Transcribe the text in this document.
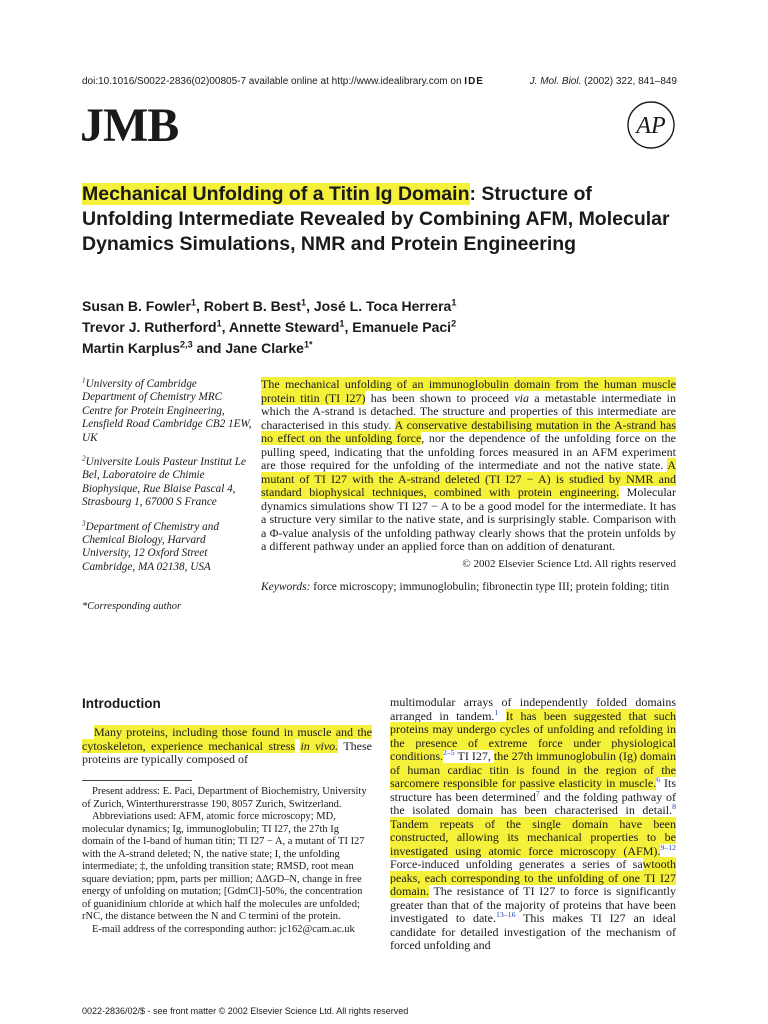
doi:10.1016/S0022-2836(02)00805-7 available online at http://www.idealibrary.com on IDE	J. Mol. Biol. (2002) 322, 841–849
JMB	AP
Mechanical Unfolding of a Titin Ig Domain: Structure of Unfolding Intermediate Revealed by Combining AFM, Molecular Dynamics Simulations, NMR and Protein Engineering
Susan B. Fowler$^1$, Robert B. Best$^1$, José L. Toca Herrera$^1$
Trevor J. Rutherford$^1$, Annette Steward$^1$, Emanuele Paci$^2$
Martin Karplus$^{2,3}$ and Jane Clarke$^{1*}$

$^1$University of Cambridge Department of Chemistry MRC Centre for Protein Engineering, Lensfield Road Cambridge CB2 1EW, UK

$^2$Universite Louis Pasteur Institut Le Bel, Laboratoire de Chimie Biophysique, Rue Blaise Pascal 4, Strasbourg 1, 67000 S France

$^3$Department of Chemistry and Chemical Biology, Harvard University, 12 Oxford Street Cambridge, MA 02138, USA

*Corresponding author

The mechanical unfolding of an immunoglobulin domain from the human muscle protein titin (TI I27) has been shown to proceed via a metastable intermediate in which the A-strand is detached. The structure and properties of this intermediate are characterised in this study. A conservative destabilising mutation in the A-strand has no effect on the unfolding force, nor the dependence of the unfolding force on the pulling speed, indicating that the unfolding forces measured in an AFM experiment are those required for the unfolding of the intermediate and not the native state. A mutant of TI I27 with the A-strand deleted (TI I27 − A) is studied by NMR and standard biophysical techniques, combined with protein engineering. Molecular dynamics simulations show TI I27 − A to be a good model for the intermediate. It has a structure very similar to the native state, and is surprisingly stable. Comparison with a Φ-value analysis of the unfolding pathway clearly shows that the protein unfolds by a different pathway under an applied force than on addition of denaturant.

© 2002 Elsevier Science Ltd. All rights reserved

Keywords: force microscopy; immunoglobulin; fibronectin type III; protein folding; titin

Introduction

Many proteins, including those found in muscle and the cytoskeleton, experience mechanical stress in vivo. These proteins are typically composed of

Present address: E. Paci, Department of Biochemistry, University of Zurich, Winterthurerstrasse 190, 8057 Zurich, Switzerland.

Abbreviations used: AFM, atomic force microscopy; MD, molecular dynamics; Ig, immunoglobulin; TI I27, the 27th Ig domain of the I-band of human titin; TI I27 − A, a mutant of TI I27 with the A-strand deleted; N, the native state; I, the unfolding intermediate; ‡, the unfolding transition state; RMSD, root mean square deviation; ppm, parts per million; ΔΔGD–N, change in free energy of unfolding on mutation; [GdmCl]-50%, the concentration of guanidinium chloride at which half the molecules are unfolded; rNC, the distance between the N and C termini of the protein.

E-mail address of the corresponding author: jc162@cam.ac.uk

multimodular arrays of independently folded domains arranged in tandem.$^1$ It has been suggested that such proteins may undergo cycles of unfolding and refolding in the presence of extreme force under physiological conditions.$^{2-5}$ TI I27, the 27th immunoglobulin (Ig) domain of human cardiac titin is found in the region of the sarcomere responsible for passive elasticity in muscle.$^6$ Its structure has been determined$^7$ and the folding pathway of the isolated domain has been characterised in detail.$^8$ Tandem repeats of the single domain have been constructed, allowing its mechanical properties to be investigated using atomic force microscopy (AFM).$^{9-12}$ Force-induced unfolding generates a series of sawtooth peaks, each corresponding to the unfolding of one TI I27 domain. The resistance of TI I27 to force is significantly greater than that of the majority of proteins that have been investigated to date.$^{13-16}$ This makes TI I27 an ideal candidate for detailed investigation of the mechanism of forced unfolding and

0022-2836/02/$ - see front matter © 2002 Elsevier Science Ltd. All rights reserved
